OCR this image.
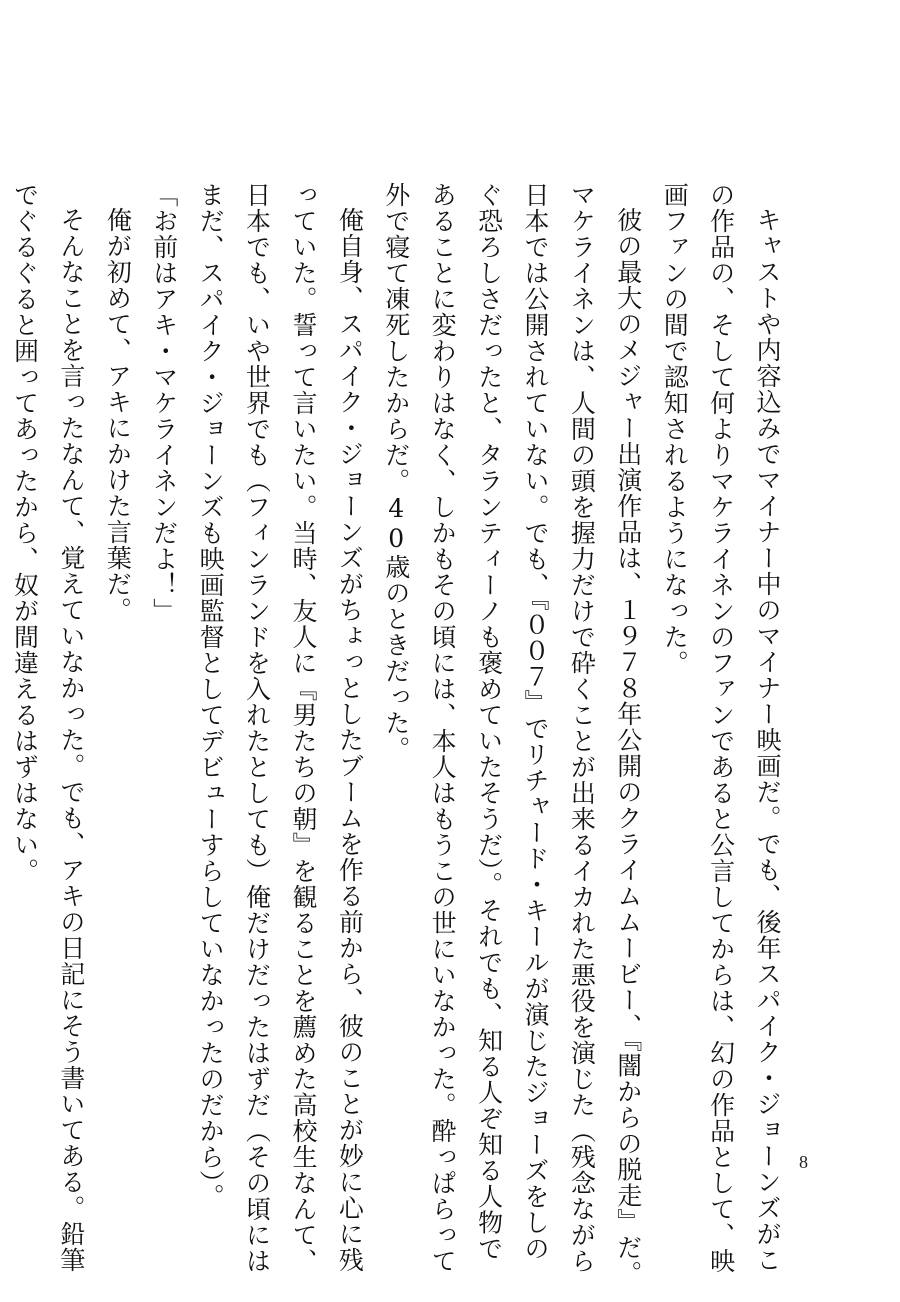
キャストや内容込みでマイナー中のマイナー映画だ。でも、後年スパイク・ジョーンズがこ
の作品の、そして何よりマケライネンのファンであると公言してからは、幻の作品として、映
画ファンの間で認知されるようになった。
彼の最大のメジャー出演作品は、１９７８年公開のクライムムービー、『闇からの脱走』だ。
マケライネンは、人間の頭を握力だけで砕くことが出来るイカれた悪役を演じた（残念ながら
日本では公開されていない。でも、『００７』でリチャード・キールが演じたジョーズをしの
ぐ恐ろしさだったと、タランティーノも褒めていたそうだ）。それでも、知る人ぞ知る人物で
あることに変わりはなく、しかもその頃には、本人はもうこの世にいなかった。酔っぱらって
外で寝て凍死したからだ。40歳のときだった。
俺自身、スパイク・ジョーンズがちょっとしたブームを作る前から、彼のことが妙に心に残
っていた。誓って言いたい。当時、友人に『男たちの朝』を観ることを薦めた高校生なんて、
日本でも、いや世界でも（フィンランドを入れたとしても）俺だけだったはずだ（その頃には
まだ、スパイク・ジョーンズも映画監督としてデビューすらしていなかったのだから）。
「お前はアキ・マケライネンだよ！」
俺が初めて、アキにかけた言葉だ。
そんなことを言ったなんて、覚えていなかった。でも、アキの日記にそう書いてある。鉛筆
でぐるぐると囲ってあったから、奴が間違えるはずはない。
8
